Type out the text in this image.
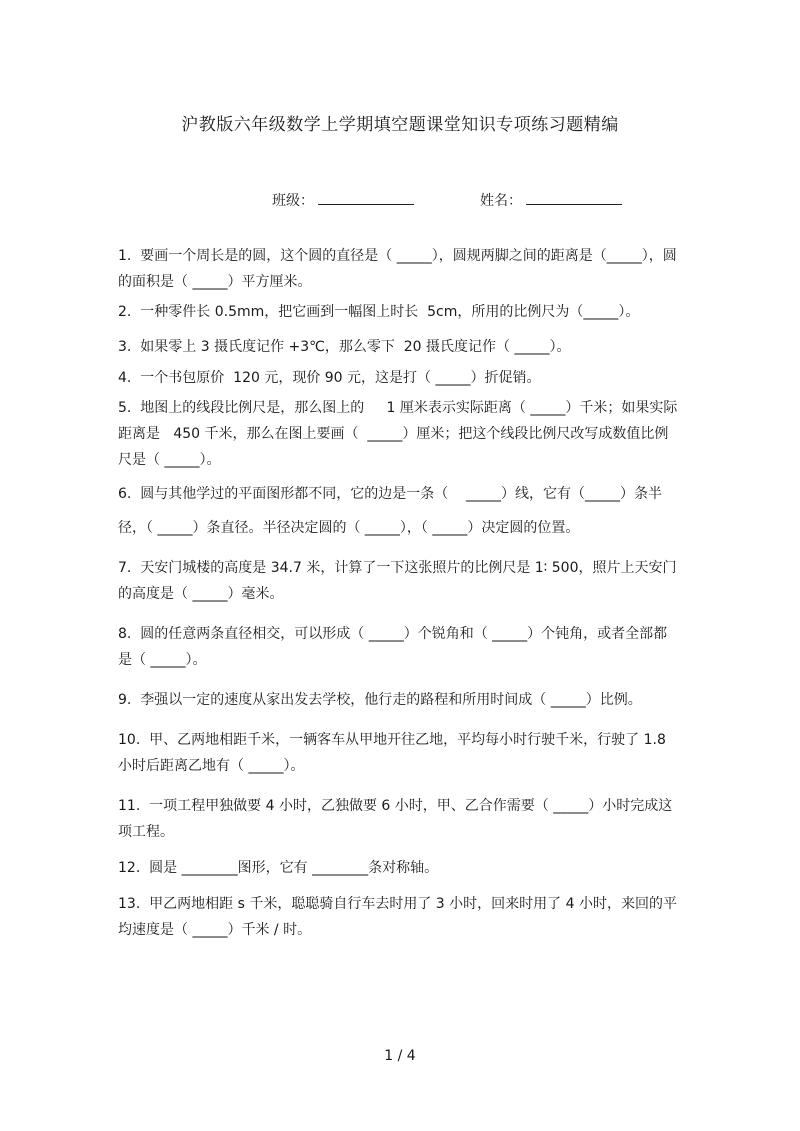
沪教版六年级数学上学期填空题课堂知识专项练习题精编
班级：	姓名：

1.  要画一个周长是的圆，这个圆的直径是（ _____），圆规两脚之间的距离是（_____），圆的面积是（ _____）平方厘米。

2.  一种零件长 0.5mm，把它画到一幅图上时长  5cm，所用的比例尺为（_____）。

3.  如果零上 3 摄氏度记作 +3℃，那么零下  20 摄氏度记作（ _____）。

4.  一个书包原价  120 元，现价 90 元，这是打（ _____）折促销。

5.  地图上的线段比例尺是，那么图上的     1 厘米表示实际距离（ _____）千米；如果实际距离是   450 千米，那么在图上要画（  _____）厘米；把这个线段比例尺改写成数值比例尺是（ _____）。

6.  圆与其他学过的平面图形都不同，它的边是一条（    _____）线，它有（_____）条半径，（ _____）条直径。半径决定圆的（ _____），（ _____）决定圆的位置。

7.  天安门城楼的高度是 34.7 米，计算了一下这张照片的比例尺是 1∶ 500，照片上天安门的高度是（ _____）毫米。

8.  圆的任意两条直径相交，可以形成（ _____）个锐角和（ _____）个钝角，或者全部都是（ _____）。

9.  李强以一定的速度从家出发去学校，他行走的路程和所用时间成（ _____）比例。

10.  甲、乙两地相距千米，一辆客车从甲地开往乙地，平均每小时行驶千米，行驶了 1.8 小时后距离乙地有（ _____）。

11.  一项工程甲独做要 4 小时，乙独做要 6 小时，甲、乙合作需要（ _____）小时完成这项工程。

12.  圆是 ________图形，它有 ________条对称轴。

13.  甲乙两地相距 s 千米，聪聪骑自行车去时用了 3 小时，回来时用了 4 小时，来回的平均速度是（ _____）千米 / 时。

1 / 4
